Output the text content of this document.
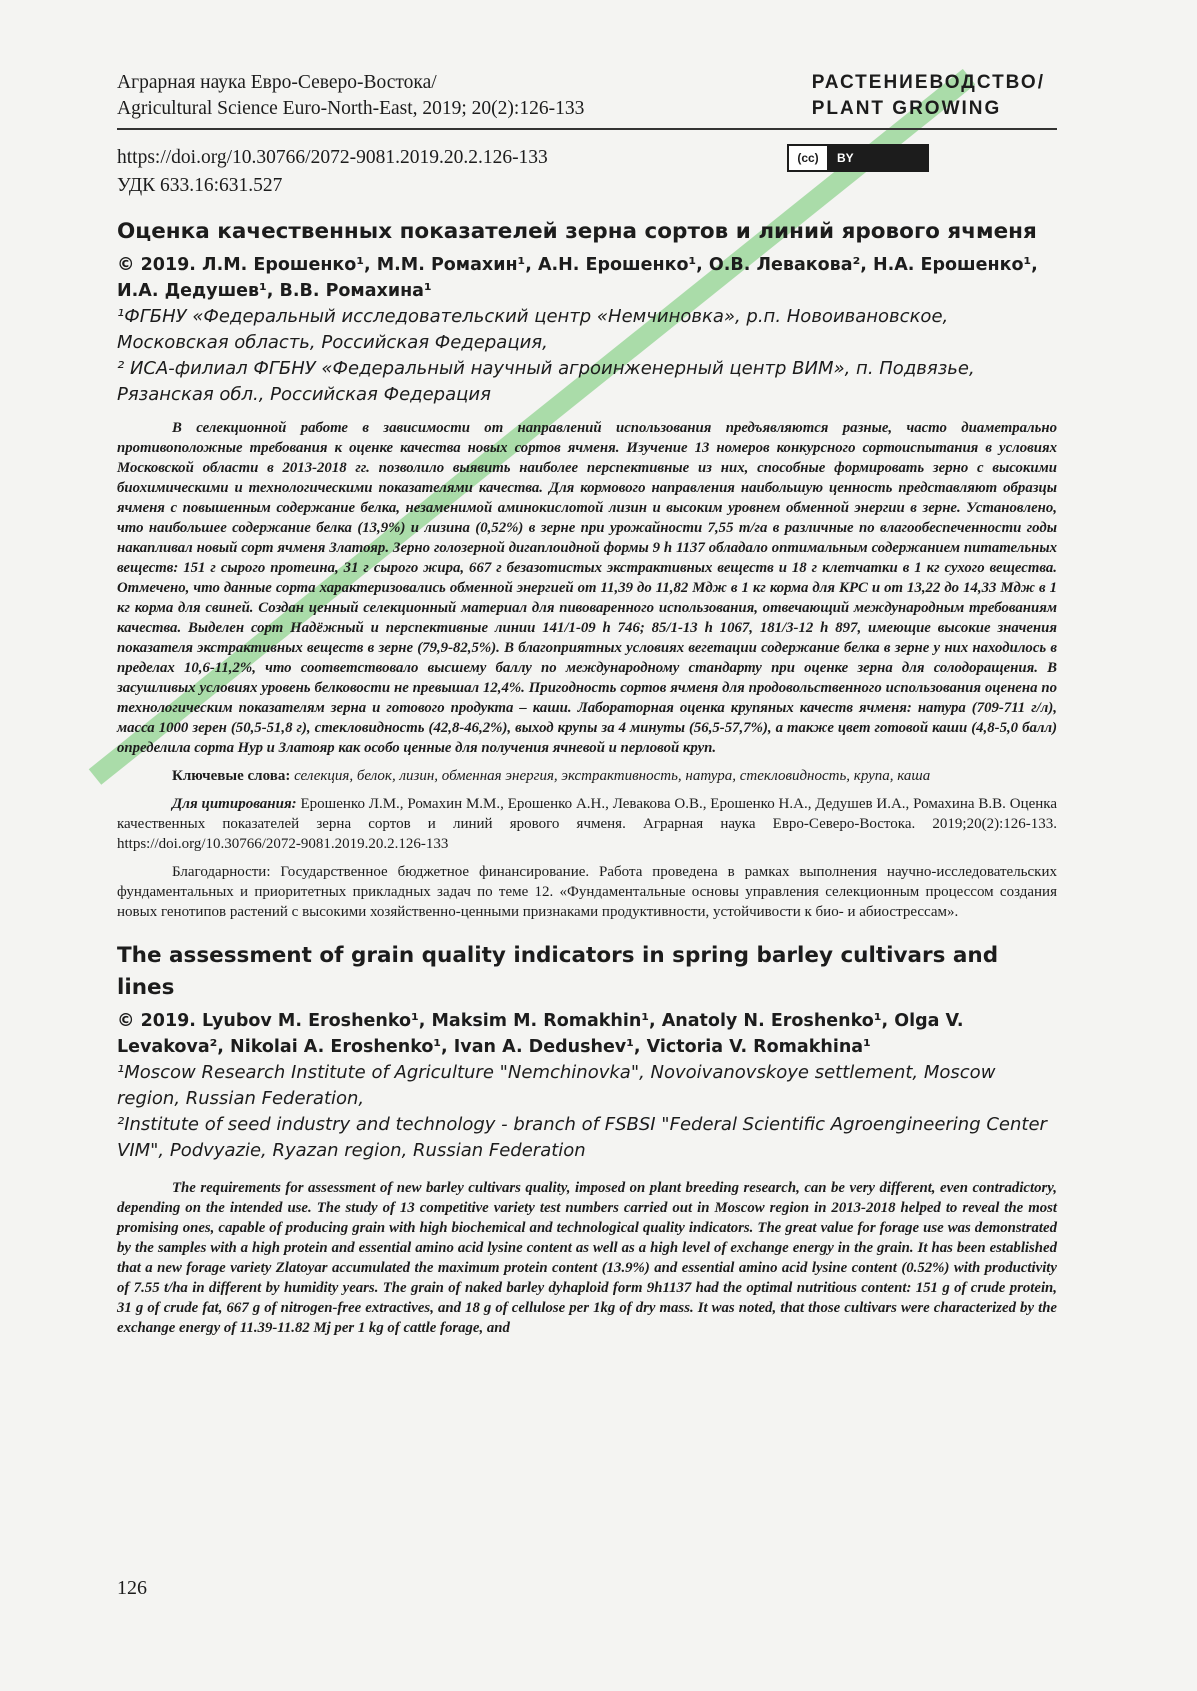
Аграрная наука Евро-Северо-Востока/
Agricultural Science Euro-North-East, 2019; 20(2):126-133
РАСТЕНИЕВОДСТВО/
PLANT GROWING
https://doi.org/10.30766/2072-9081.2019.20.2.126-133
УДК 633.16:631.527
(cc)	BY
Оценка качественных показателей зерна сортов и линий ярового ячменя

© 2019. Л.М. Ерошенко¹, М.М. Ромахин¹, А.Н. Ерошенко¹, О.В. Левакова², Н.А. Ерошенко¹, И.А. Дедушев¹, В.В. Ромахина¹

¹ФГБНУ «Федеральный исследовательский центр «Немчиновка», р.п. Новоивановское, Московская область, Российская Федерация,

² ИСА-филиал ФГБНУ «Федеральный научный агроинженерный центр ВИМ», п. Подвязье, Рязанская обл., Российская Федерация

В селекционной работе в зависимости от направлений использования предъявляются разные, часто диаметрально противоположные требования к оценке качества новых сортов ячменя. Изучение 13 номеров конкурсного сортоиспытания в условиях Московской области в 2013-2018 гг. позволило выявить наиболее перспективные из них, способные формировать зерно с высокими биохимическими и технологическими показателями качества. Для кормового направления наибольшую ценность представляют образцы ячменя с повышенным содержание белка, незаменимой аминокислотой лизин и высоким уровнем обменной энергии в зерне. Установлено, что наибольшее содержание белка (13,9%) и лизина (0,52%) в зерне при урожайности 7,55 т/га в различные по влагообеспеченности годы накапливал новый сорт ячменя Златояр. Зерно голозерной дигаплоидной формы 9 h 1137 обладало оптимальным содержанием питательных веществ: 151 г сырого протеина, 31 г сырого жира, 667 г безазотистых экстрактивных веществ и 18 г клетчатки в 1 кг сухого вещества. Отмечено, что данные сорта характеризовались обменной энергией от 11,39 до 11,82 Мдж в 1 кг корма для КРС и от 13,22 до 14,33 Мдж в 1 кг корма для свиней. Создан ценный селекционный материал для пивоваренного использования, отвечающий международным требованиям качества. Выделен сорт Надёжный и перспективные линии 141/1-09 h 746; 85/1-13 h 1067, 181/3-12 h 897, имеющие высокие значения показателя экстрактивных веществ в зерне (79,9-82,5%). В благоприятных условиях вегетации содержание белка в зерне у них находилось в пределах 10,6-11,2%, что соответствовало высшему баллу по международному стандарту при оценке зерна для солодоращения. В засушливых условиях уровень белковости не превышал 12,4%. Пригодность сортов ячменя для продовольственного использования оценена по технологическим показателям зерна и готового продукта – каши. Лабораторная оценка крупяных качеств ячменя: натура (709-711 г/л), масса 1000 зерен (50,5-51,8 г), стекловидность (42,8-46,2%), выход крупы за 4 минуты (56,5-57,7%), а также цвет готовой каши (4,8-5,0 балл) определила сорта Нур и Златояр как особо ценные для получения ячневой и перловой круп.

Ключевые слова: селекция, белок, лизин, обменная энергия, экстрактивность, натура, стекловидность, крупа, каша

Для цитирования: Ерошенко Л.М., Ромахин М.М., Ерошенко А.Н., Левакова О.В., Ерошенко Н.А., Дедушев И.А., Ромахина В.В. Оценка качественных показателей зерна сортов и линий ярового ячменя. Аграрная наука Евро-Северо-Востока. 2019;20(2):126-133. https://doi.org/10.30766/2072-9081.2019.20.2.126-133

Благодарности: Государственное бюджетное финансирование. Работа проведена в рамках выполнения научно-исследовательских фундаментальных и приоритетных прикладных задач по теме 12. «Фундаментальные основы управления селекционным процессом создания новых генотипов растений с высокими хозяйственно-ценными признаками продуктивности, устойчивости к био- и абиострессам».

The assessment of grain quality indicators in spring barley cultivars and lines

© 2019. Lyubov M. Eroshenko¹, Maksim M. Romakhin¹, Anatoly N. Eroshenko¹, Olga V. Levakova², Nikolai A. Eroshenko¹, Ivan A. Dedushev¹, Victoria V. Romakhina¹

¹Moscow Research Institute of Agriculture "Nemchinovka", Novoivanovskoye settlement, Moscow region, Russian Federation,

²Institute of seed industry and technology - branch of FSBSI "Federal Scientific Agroengineering Center VIM", Podvyazie, Ryazan region, Russian Federation

The requirements for assessment of new barley cultivars quality, imposed on plant breeding research, can be very different, even contradictory, depending on the intended use. The study of 13 competitive variety test numbers carried out in Moscow region in 2013-2018 helped to reveal the most promising ones, capable of producing grain with high biochemical and technological quality indicators. The great value for forage use was demonstrated by the samples with a high protein and essential amino acid lysine content as well as a high level of exchange energy in the grain. It has been established that a new forage variety Zlatoyar accumulated the maximum protein content (13.9%) and essential amino acid lysine content (0.52%) with productivity of 7.55 t/ha in different by humidity years. The grain of naked barley dyhaploid form 9h1137 had the optimal nutritious content: 151 g of crude protein, 31 g of crude fat, 667 g of nitrogen-free extractives, and 18 g of cellulose per 1kg of dry mass. It was noted, that those cultivars were characterized by the exchange energy of 11.39-11.82 Mj per 1 kg of cattle forage, and

126
